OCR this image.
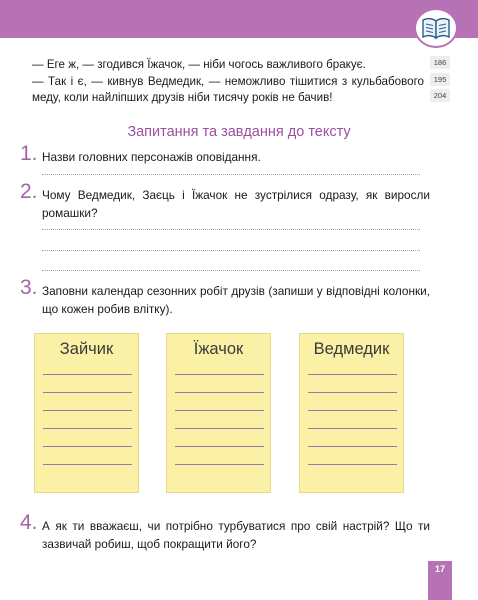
— Еге ж, — згодився Їжачок, — ніби чогось важливого бракує.

— Так і є, — кивнув Ведмедик, — неможливо тішитися з кульбабового меду, коли найліпших друзів ніби тисячу років не бачив!

186
195
204
Запитання та завдання до тексту
1. Назви головних персонажів оповідання.
2. Чому Ведмедик, Заєць і Їжачок не зустрілися одразу, як виросли ромашки?
3. Заповни календар сезонних робіт друзів (запиши у відповідні колонки, що кожен робив влітку).
Зайчик	Їжачок	Ведмедик
4. А як ти вважаєш, чи потрібно турбуватися про свій настрій? Що ти зазвичай робиш, щоб покращити його?
17
